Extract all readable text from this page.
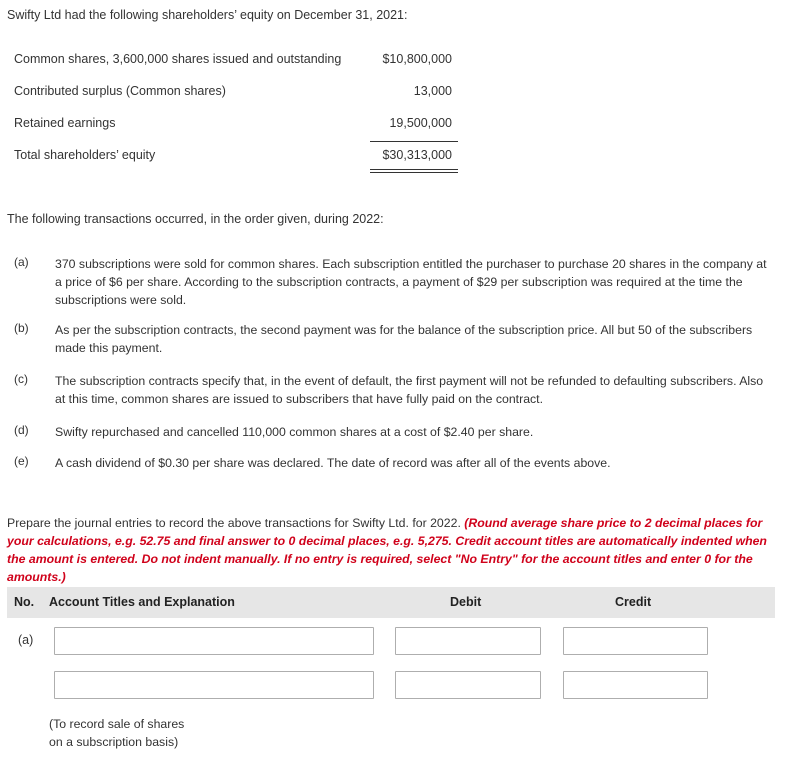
Swifty Ltd had the following shareholders’ equity on December 31, 2021:
Common shares, 3,600,000 shares issued and outstanding	$10,800,000
Contributed surplus (Common shares)	13,000
Retained earnings	19,500,000
Total shareholders’ equity	$30,313,000
The following transactions occurred, in the order given, during 2022:
(a) 370 subscriptions were sold for common shares. Each subscription entitled the purchaser to purchase 20 shares in the company at a price of $6 per share. According to the subscription contracts, a payment of $29 per subscription was required at the time the subscriptions were sold.
(b) As per the subscription contracts, the second payment was for the balance of the subscription price. All but 50 of the subscribers made this payment.
(c) The subscription contracts specify that, in the event of default, the first payment will not be refunded to defaulting subscribers. Also at this time, common shares are issued to subscribers that have fully paid on the contract.
(d) Swifty repurchased and cancelled 110,000 common shares at a cost of $2.40 per share.
(e) A cash dividend of $0.30 per share was declared. The date of record was after all of the events above.
Prepare the journal entries to record the above transactions for Swifty Ltd. for 2022. (Round average share price to 2 decimal places for your calculations, e.g. 52.75 and final answer to 0 decimal places, e.g. 5,275. Credit account titles are automatically indented when the amount is entered. Do not indent manually. If no entry is required, select "No Entry" for the account titles and enter 0 for the amounts.)
No. Account Titles and Explanation	Debit	Credit
(a)
(To record sale of shares
on a subscription basis)
